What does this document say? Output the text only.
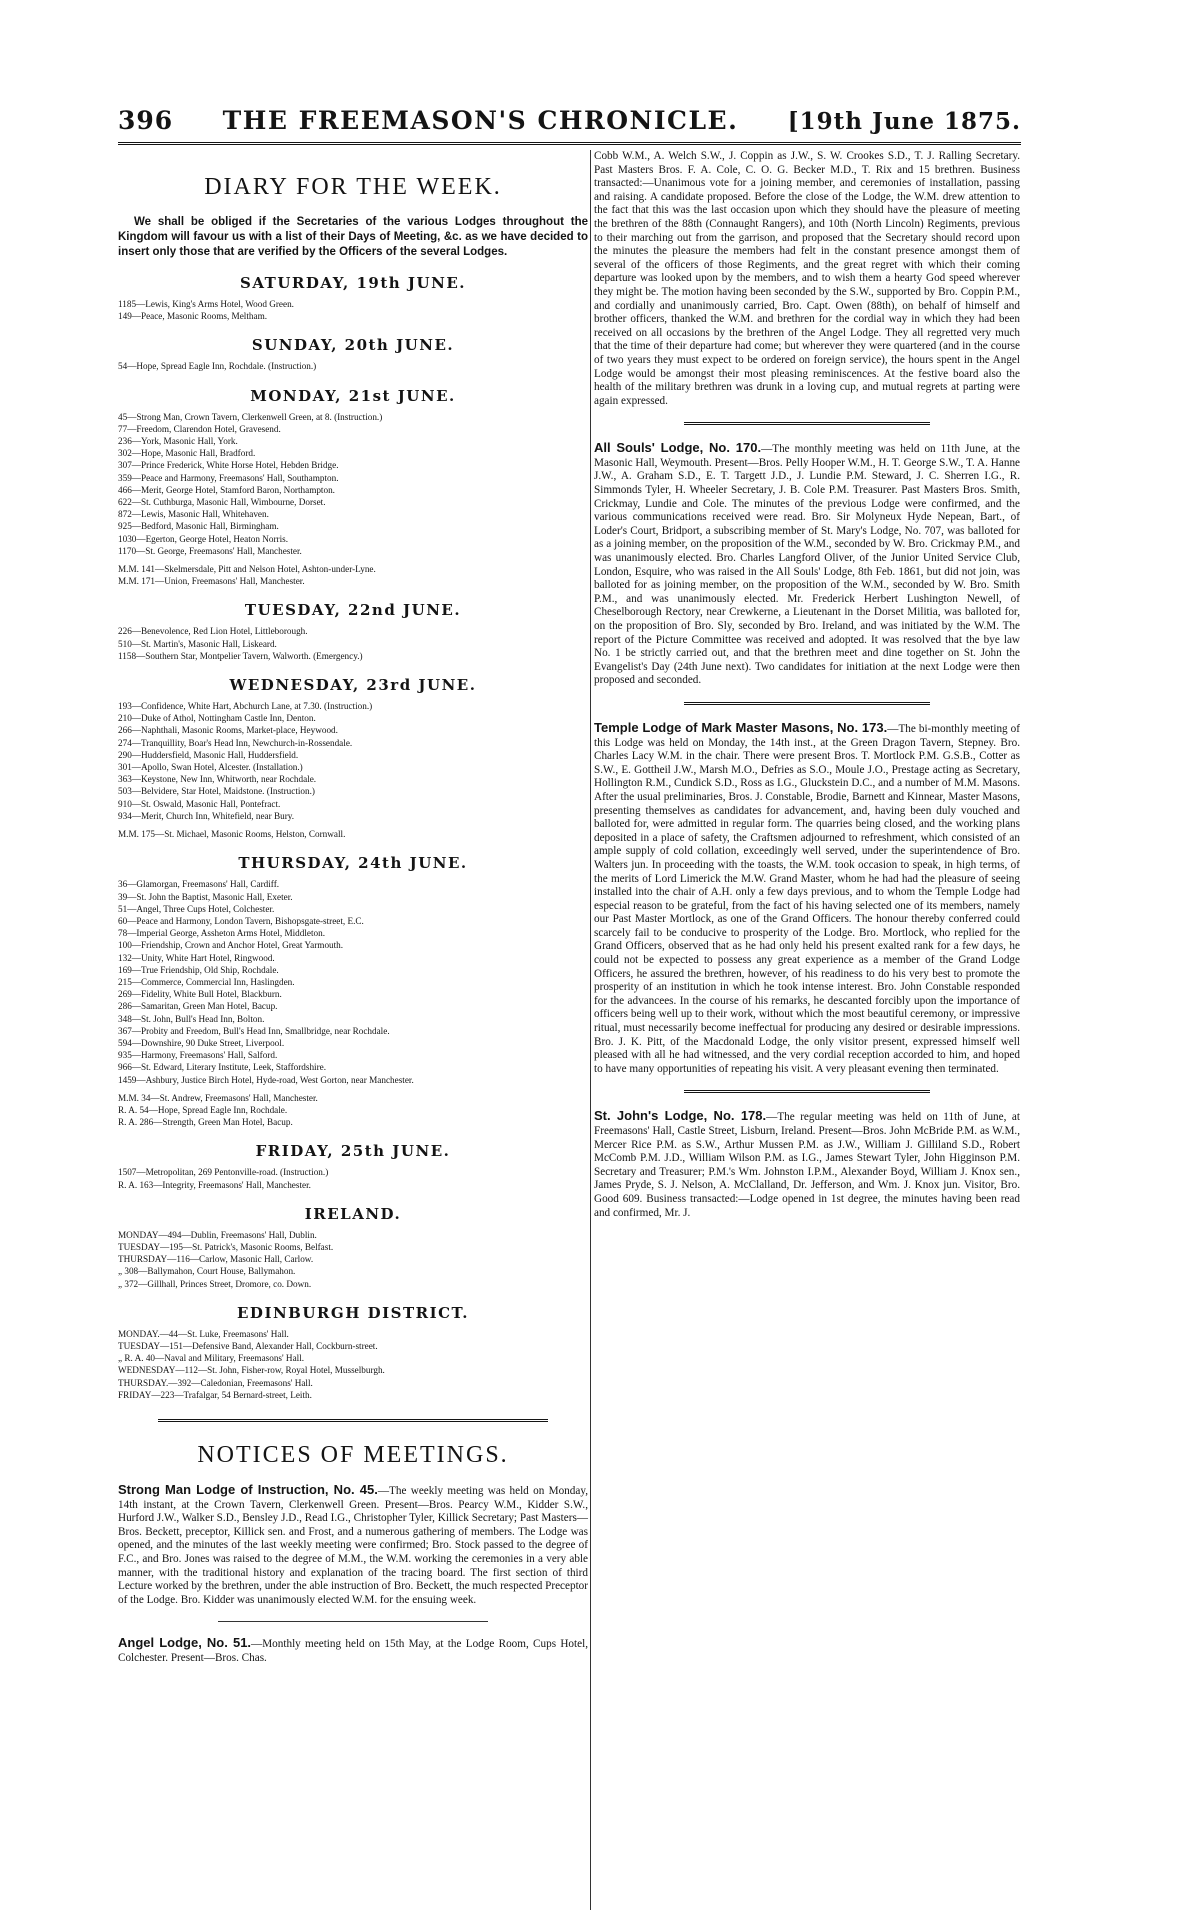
396 THE FREEMASON'S CHRONICLE. [19th June 1875.
DIARY FOR THE WEEK.

We shall be obliged if the Secretaries of the various Lodges throughout the Kingdom will favour us with a list of their Days of Meeting, &c. as we have decided to insert only those that are verified by the Officers of the several Lodges.

SATURDAY, 19th JUNE.
1185—Lewis, King's Arms Hotel, Wood Green.
149—Peace, Masonic Rooms, Meltham.
SUNDAY, 20th JUNE.
54—Hope, Spread Eagle Inn, Rochdale. (Instruction.)
MONDAY, 21st JUNE.
45—Strong Man, Crown Tavern, Clerkenwell Green, at 8. (Instruction.)
77—Freedom, Clarendon Hotel, Gravesend.
236—York, Masonic Hall, York.
302—Hope, Masonic Hall, Bradford.
307—Prince Frederick, White Horse Hotel, Hebden Bridge.
359—Peace and Harmony, Freemasons' Hall, Southampton.
466—Merit, George Hotel, Stamford Baron, Northampton.
622—St. Cuthburga, Masonic Hall, Wimbourne, Dorset.
872—Lewis, Masonic Hall, Whitehaven.
925—Bedford, Masonic Hall, Birmingham.
1030—Egerton, George Hotel, Heaton Norris.
1170—St. George, Freemasons' Hall, Manchester.
M.M. 141—Skelmersdale, Pitt and Nelson Hotel, Ashton-under-Lyne.
M.M. 171—Union, Freemasons' Hall, Manchester.
TUESDAY, 22nd JUNE.
226—Benevolence, Red Lion Hotel, Littleborough.
510—St. Martin's, Masonic Hall, Liskeard.
1158—Southern Star, Montpelier Tavern, Walworth. (Emergency.)
WEDNESDAY, 23rd JUNE.
193—Confidence, White Hart, Abchurch Lane, at 7.30. (Instruction.)
210—Duke of Athol, Nottingham Castle Inn, Denton.
266—Naphthali, Masonic Rooms, Market-place, Heywood.
274—Tranquillity, Boar's Head Inn, Newchurch-in-Rossendale.
290—Huddersfield, Masonic Hall, Huddersfield.
301—Apollo, Swan Hotel, Alcester. (Installation.)
363—Keystone, New Inn, Whitworth, near Rochdale.
503—Belvidere, Star Hotel, Maidstone. (Instruction.)
910—St. Oswald, Masonic Hall, Pontefract.
934—Merit, Church Inn, Whitefield, near Bury.
M.M. 175—St. Michael, Masonic Rooms, Helston, Cornwall.
THURSDAY, 24th JUNE.
36—Glamorgan, Freemasons' Hall, Cardiff.
39—St. John the Baptist, Masonic Hall, Exeter.
51—Angel, Three Cups Hotel, Colchester.
60—Peace and Harmony, London Tavern, Bishopsgate-street, E.C.
78—Imperial George, Assheton Arms Hotel, Middleton.
100—Friendship, Crown and Anchor Hotel, Great Yarmouth.
132—Unity, White Hart Hotel, Ringwood.
169—True Friendship, Old Ship, Rochdale.
215—Commerce, Commercial Inn, Haslingden.
269—Fidelity, White Bull Hotel, Blackburn.
286—Samaritan, Green Man Hotel, Bacup.
348—St. John, Bull's Head Inn, Bolton.
367—Probity and Freedom, Bull's Head Inn, Smallbridge, near Rochdale.
594—Downshire, 90 Duke Street, Liverpool.
935—Harmony, Freemasons' Hall, Salford.
966—St. Edward, Literary Institute, Leek, Staffordshire.
1459—Ashbury, Justice Birch Hotel, Hyde-road, West Gorton, near Manchester.
M.M. 34—St. Andrew, Freemasons' Hall, Manchester.
R. A. 54—Hope, Spread Eagle Inn, Rochdale.
R. A. 286—Strength, Green Man Hotel, Bacup.
FRIDAY, 25th JUNE.
1507—Metropolitan, 269 Pentonville-road. (Instruction.)
R. A. 163—Integrity, Freemasons' Hall, Manchester.
IRELAND.
MONDAY—494—Dublin, Freemasons' Hall, Dublin.
TUESDAY—195—St. Patrick's, Masonic Rooms, Belfast.
THURSDAY—116—Carlow, Masonic Hall, Carlow.
„ 308—Ballymahon, Court House, Ballymahon.
„ 372—Gillhall, Princes Street, Dromore, co. Down.
EDINBURGH DISTRICT.
MONDAY.—44—St. Luke, Freemasons' Hall.
TUESDAY—151—Defensive Band, Alexander Hall, Cockburn-street.
„ R. A. 40—Naval and Military, Freemasons' Hall.
WEDNESDAY—112—St. John, Fisher-row, Royal Hotel, Musselburgh.
THURSDAY.—392—Caledonian, Freemasons' Hall.
FRIDAY—223—Trafalgar, 54 Bernard-street, Leith.
NOTICES OF MEETINGS.

Strong Man Lodge of Instruction, No. 45.—The weekly meeting was held on Monday, 14th instant, at the Crown Tavern, Clerkenwell Green. Present—Bros. Pearcy W.M., Kidder S.W., Hurford J.W., Walker S.D., Bensley J.D., Read I.G., Christopher Tyler, Killick Secretary; Past Masters—Bros. Beckett, preceptor, Killick sen. and Frost, and a numerous gathering of members. The Lodge was opened, and the minutes of the last weekly meeting were confirmed; Bro. Stock passed to the degree of F.C., and Bro. Jones was raised to the degree of M.M., the W.M. working the ceremonies in a very able manner, with the traditional history and explanation of the tracing board. The first section of third Lecture worked by the brethren, under the able instruction of Bro. Beckett, the much respected Preceptor of the Lodge. Bro. Kidder was unanimously elected W.M. for the ensuing week.

Angel Lodge, No. 51.—Monthly meeting held on 15th May, at the Lodge Room, Cups Hotel, Colchester. Present—Bros. Chas.

Cobb W.M., A. Welch S.W., J. Coppin as J.W., S. W. Crookes S.D., T. J. Ralling Secretary. Past Masters Bros. F. A. Cole, C. O. G. Becker M.D., T. Rix and 15 brethren. Business transacted:—Unanimous vote for a joining member, and ceremonies of installation, passing and raising. A candidate proposed. Before the close of the Lodge, the W.M. drew attention to the fact that this was the last occasion upon which they should have the pleasure of meeting the brethren of the 88th (Connaught Rangers), and 10th (North Lincoln) Regiments, previous to their marching out from the garrison, and proposed that the Secretary should record upon the minutes the pleasure the members had felt in the constant presence amongst them of several of the officers of those Regiments, and the great regret with which their coming departure was looked upon by the members, and to wish them a hearty God speed wherever they might be. The motion having been seconded by the S.W., supported by Bro. Coppin P.M., and cordially and unanimously carried, Bro. Capt. Owen (88th), on behalf of himself and brother officers, thanked the W.M. and brethren for the cordial way in which they had been received on all occasions by the brethren of the Angel Lodge. They all regretted very much that the time of their departure had come; but wherever they were quartered (and in the course of two years they must expect to be ordered on foreign service), the hours spent in the Angel Lodge would be amongst their most pleasing reminiscences. At the festive board also the health of the military brethren was drunk in a loving cup, and mutual regrets at parting were again expressed.

All Souls' Lodge, No. 170.—The monthly meeting was held on 11th June, at the Masonic Hall, Weymouth. Present—Bros. Pelly Hooper W.M., H. T. George S.W., T. A. Hanne J.W., A. Graham S.D., E. T. Targett J.D., J. Lundie P.M. Steward, J. C. Sherren I.G., R. Simmonds Tyler, H. Wheeler Secretary, J. B. Cole P.M. Treasurer. Past Masters Bros. Smith, Crickmay, Lundie and Cole. The minutes of the previous Lodge were confirmed, and the various communications received were read. Bro. Sir Molyneux Hyde Nepean, Bart., of Loder's Court, Bridport, a subscribing member of St. Mary's Lodge, No. 707, was balloted for as a joining member, on the proposition of the W.M., seconded by W. Bro. Crickmay P.M., and was unanimously elected. Bro. Charles Langford Oliver, of the Junior United Service Club, London, Esquire, who was raised in the All Souls' Lodge, 8th Feb. 1861, but did not join, was balloted for as joining member, on the proposition of the W.M., seconded by W. Bro. Smith P.M., and was unanimously elected. Mr. Frederick Herbert Lushington Newell, of Cheselborough Rectory, near Crewkerne, a Lieutenant in the Dorset Militia, was balloted for, on the proposition of Bro. Sly, seconded by Bro. Ireland, and was initiated by the W.M. The report of the Picture Committee was received and adopted. It was resolved that the bye law No. 1 be strictly carried out, and that the brethren meet and dine together on St. John the Evangelist's Day (24th June next). Two candidates for initiation at the next Lodge were then proposed and seconded.

Temple Lodge of Mark Master Masons, No. 173.—The bi-monthly meeting of this Lodge was held on Monday, the 14th inst., at the Green Dragon Tavern, Stepney. Bro. Charles Lacy W.M. in the chair. There were present Bros. T. Mortlock P.M. G.S.B., Cotter as S.W., E. Gottheil J.W., Marsh M.O., Defries as S.O., Moule J.O., Prestage acting as Secretary, Hollington R.M., Cundick S.D., Ross as I.G., Gluckstein D.C., and a number of M.M. Masons. After the usual preliminaries, Bros. J. Constable, Brodie, Barnett and Kinnear, Master Masons, presenting themselves as candidates for advancement, and, having been duly vouched and balloted for, were admitted in regular form. The quarries being closed, and the working plans deposited in a place of safety, the Craftsmen adjourned to refreshment, which consisted of an ample supply of cold collation, exceedingly well served, under the superintendence of Bro. Walters jun. In proceeding with the toasts, the W.M. took occasion to speak, in high terms, of the merits of Lord Limerick the M.W. Grand Master, whom he had had the pleasure of seeing installed into the chair of A.H. only a few days previous, and to whom the Temple Lodge had especial reason to be grateful, from the fact of his having selected one of its members, namely our Past Master Mortlock, as one of the Grand Officers. The honour thereby conferred could scarcely fail to be conducive to prosperity of the Lodge. Bro. Mortlock, who replied for the Grand Officers, observed that as he had only held his present exalted rank for a few days, he could not be expected to possess any great experience as a member of the Grand Lodge Officers, he assured the brethren, however, of his readiness to do his very best to promote the prosperity of an institution in which he took intense interest. Bro. John Constable responded for the advancees. In the course of his remarks, he descanted forcibly upon the importance of officers being well up to their work, without which the most beautiful ceremony, or impressive ritual, must necessarily become ineffectual for producing any desired or desirable impressions. Bro. J. K. Pitt, of the Macdonald Lodge, the only visitor present, expressed himself well pleased with all he had witnessed, and the very cordial reception accorded to him, and hoped to have many opportunities of repeating his visit. A very pleasant evening then terminated.

St. John's Lodge, No. 178.—The regular meeting was held on 11th of June, at Freemasons' Hall, Castle Street, Lisburn, Ireland. Present—Bros. John McBride P.M. as W.M., Mercer Rice P.M. as S.W., Arthur Mussen P.M. as J.W., William J. Gilliland S.D., Robert McComb P.M. J.D., William Wilson P.M. as I.G., James Stewart Tyler, John Higginson P.M. Secretary and Treasurer; P.M.'s Wm. Johnston I.P.M., Alexander Boyd, William J. Knox sen., James Pryde, S. J. Nelson, A. McClalland, Dr. Jefferson, and Wm. J. Knox jun. Visitor, Bro. Good 609. Business transacted:—Lodge opened in 1st degree, the minutes having been read and confirmed, Mr. J.
